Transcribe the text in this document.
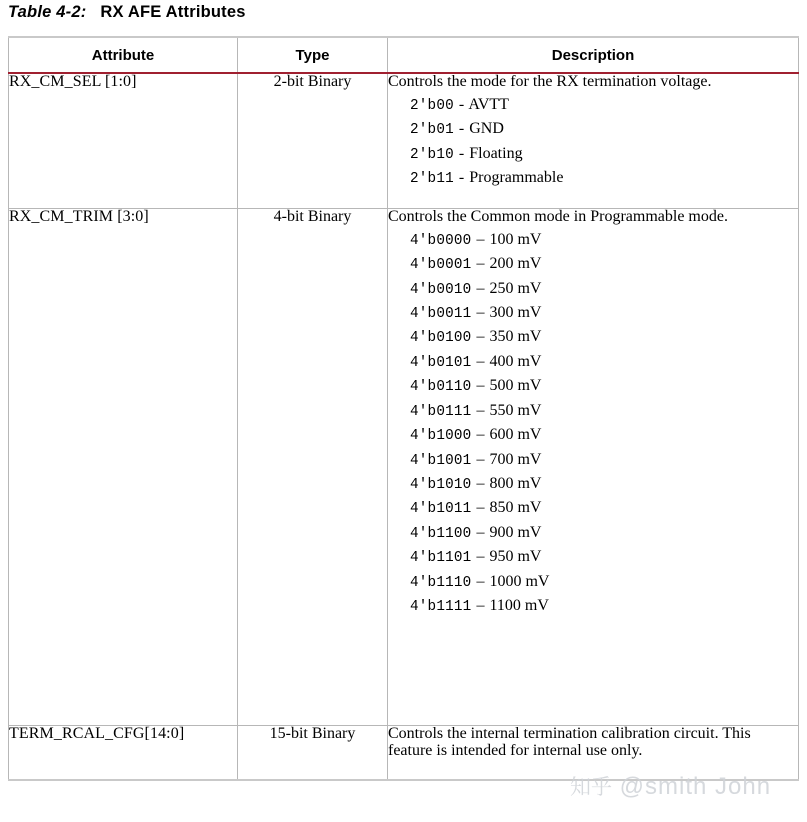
Table 4-2: RX AFE Attributes
Attribute	Type	Description
RX_CM_SEL [1:0]	2-bit Binary	Controls the mode for the RX termination voltage.
2'b00 - AVTT
2'b01 - GND
2'b10 - Floating
2'b11 - Programmable

RX_CM_TRIM [3:0]	4-bit Binary	Controls the Common mode in Programmable mode.
4'b0000 – 100 mV
4'b0001 – 200 mV
4'b0010 – 250 mV
4'b0011 – 300 mV
4'b0100 – 350 mV
4'b0101 – 400 mV
4'b0110 – 500 mV
4'b0111 – 550 mV
4'b1000 – 600 mV
4'b1001 – 700 mV
4'b1010 – 800 mV
4'b1011 – 850 mV
4'b1100 – 900 mV
4'b1101 – 950 mV
4'b1110 – 1000 mV
4'b1111 – 1100 mV

TERM_RCAL_CFG[14:0]	15-bit Binary	Controls the internal termination calibration circuit. This feature is intended for internal use only.
知乎 @smith John
